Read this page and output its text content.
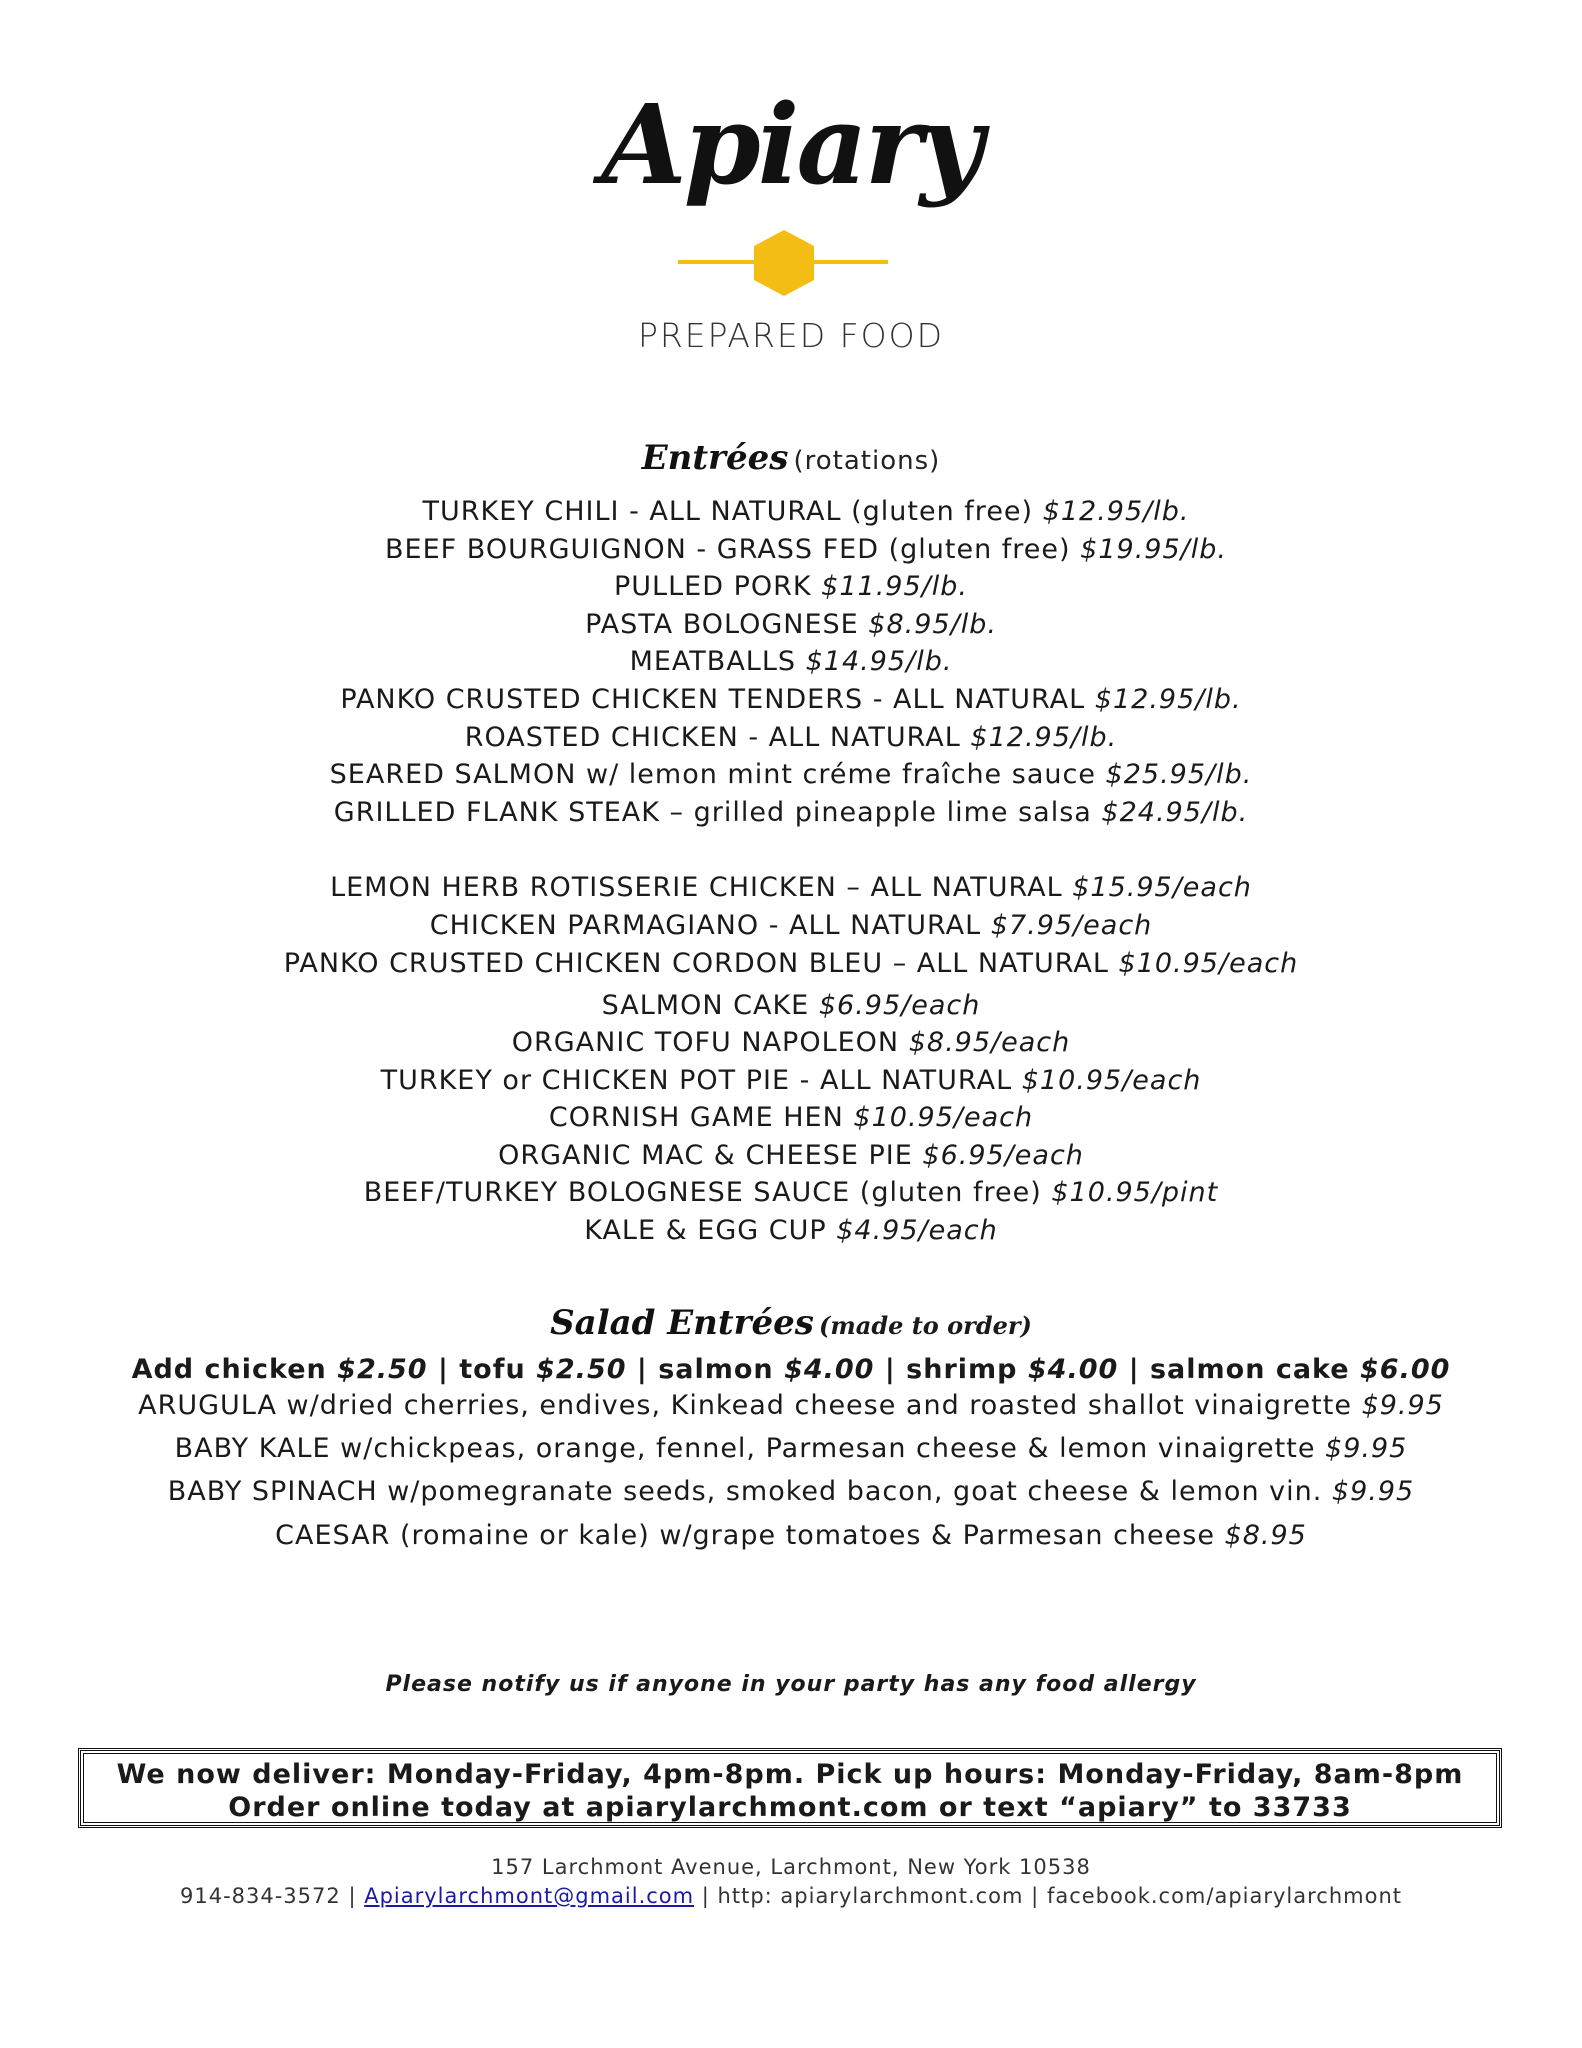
Apiary
PREPARED FOOD
Entrées (rotations)
TURKEY CHILI - ALL NATURAL (gluten free) $12.95/lb.
BEEF BOURGUIGNON - GRASS FED (gluten free) $19.95/lb.
PULLED PORK $11.95/lb.
PASTA BOLOGNESE $8.95/lb.
MEATBALLS $14.95/lb.
PANKO CRUSTED CHICKEN TENDERS - ALL NATURAL $12.95/lb.
ROASTED CHICKEN - ALL NATURAL $12.95/lb.
SEARED SALMON w/ lemon mint créme fraîche sauce $25.95/lb.
GRILLED FLANK STEAK – grilled pineapple lime salsa $24.95/lb.
LEMON HERB ROTISSERIE CHICKEN – ALL NATURAL $15.95/each
CHICKEN PARMAGIANO - ALL NATURAL $7.95/each
PANKO CRUSTED CHICKEN CORDON BLEU – ALL NATURAL $10.95/each
SALMON CAKE $6.95/each
ORGANIC TOFU NAPOLEON $8.95/each
TURKEY or CHICKEN POT PIE - ALL NATURAL $10.95/each
CORNISH GAME HEN $10.95/each
ORGANIC MAC & CHEESE PIE $6.95/each
BEEF/TURKEY BOLOGNESE SAUCE (gluten free) $10.95/pint
KALE & EGG CUP $4.95/each
Salad Entrées (made to order)
Add chicken $2.50 | tofu $2.50 | salmon $4.00 | shrimp $4.00 | salmon cake $6.00
ARUGULA w/dried cherries, endives, Kinkead cheese and roasted shallot vinaigrette $9.95
BABY KALE w/chickpeas, orange, fennel, Parmesan cheese & lemon vinaigrette $9.95
BABY SPINACH w/pomegranate seeds, smoked bacon, goat cheese & lemon vin. $9.95
CAESAR (romaine or kale) w/grape tomatoes & Parmesan cheese $8.95
Please notify us if anyone in your party has any food allergy
We now deliver: Monday-Friday, 4pm-8pm. Pick up hours: Monday-Friday, 8am-8pm
Order online today at apiarylarchmont.com or text “apiary” to 33733
157 Larchmont Avenue, Larchmont, New York 10538
914-834-3572 | Apiarylarchmont@gmail.com | http: apiarylarchmont.com | facebook.com/apiarylarchmont
